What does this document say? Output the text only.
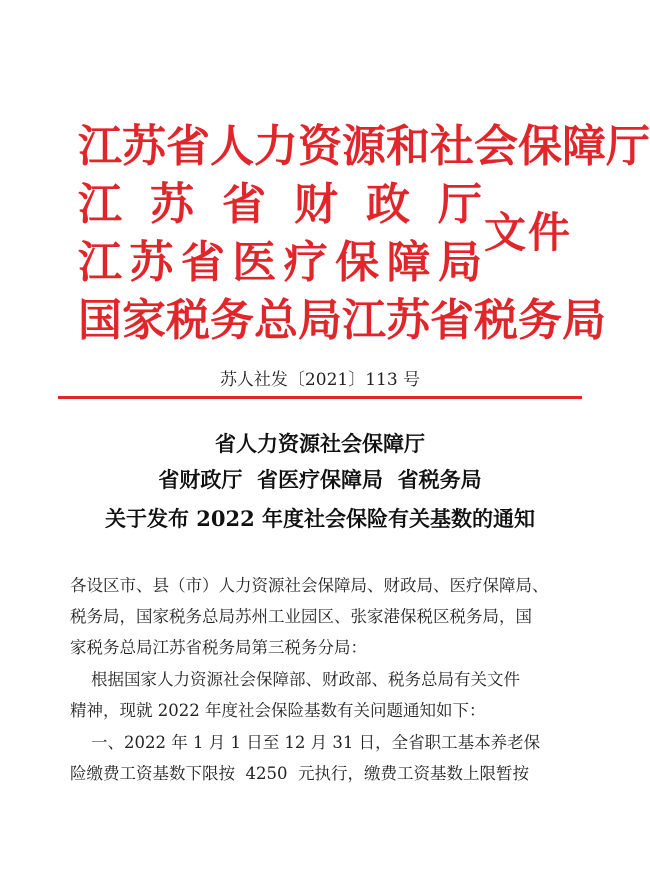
江 苏 省 人 力 资 源 和 社 会 保 障 厅
江 苏 省 财 政 厅
江 苏 省 医 疗 保 障 局
国 家 税 务 总 局 江 苏 省 税 务 局
文件
苏人社发〔2021〕113 号
省人力资源社会保障厅
省财政厅  省医疗保障局  省税务局
关于发布 2022 年度社会保险有关基数的通知
各设区市、县（市）人力资源社会保障局、财政局、医疗保障局、
税务局，国家税务总局苏州工业园区、张家港保税区税务局，国
家税务总局江苏省税务局第三税务分局：
根据国家人力资源社会保障部、财政部、税务总局有关文件
精神，现就 2022 年度社会保险基数有关问题通知如下：
一、2022 年 1 月 1 日至 12 月 31 日，全省职工基本养老保
险缴费工资基数下限按  4250  元执行，缴费工资基数上限暂按
